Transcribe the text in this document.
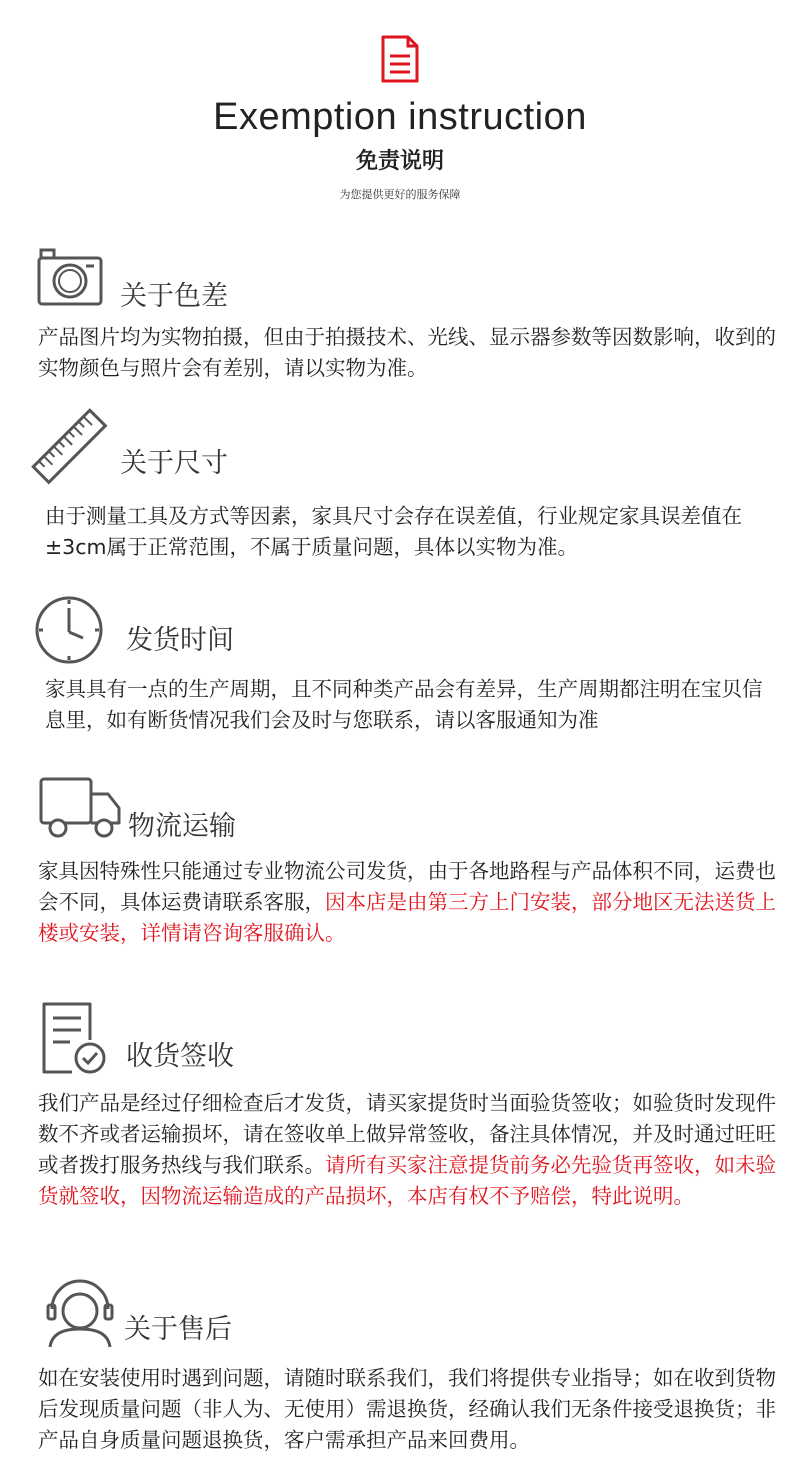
Exemption instruction
免责说明
为您提供更好的服务保障
关于色差
产品图片均为实物拍摄，但由于拍摄技术、光线、显示器参数等因数影响，收到的实物颜色与照片会有差别，请以实物为准。
关于尺寸
由于测量工具及方式等因素，家具尺寸会存在误差值，行业规定家具误差值在±3cm属于正常范围，不属于质量问题，具体以实物为准。
发货时间
家具具有一点的生产周期，且不同种类产品会有差异，生产周期都注明在宝贝信息里，如有断货情况我们会及时与您联系，请以客服通知为准
物流运输
家具因特殊性只能通过专业物流公司发货，由于各地路程与产品体积不同，运费也会不同，具体运费请联系客服，因本店是由第三方上门安装，部分地区无法送货上楼或安装，详情请咨询客服确认。
收货签收
我们产品是经过仔细检查后才发货，请买家提货时当面验货签收；如验货时发现件数不齐或者运输损坏，请在签收单上做异常签收，备注具体情况，并及时通过旺旺或者拨打服务热线与我们联系。请所有买家注意提货前务必先验货再签收，如未验货就签收，因物流运输造成的产品损坏，本店有权不予赔偿，特此说明。
关于售后
如在安装使用时遇到问题，请随时联系我们，我们将提供专业指导；如在收到货物后发现质量问题（非人为、无使用）需退换货，经确认我们无条件接受退换货；非产品自身质量问题退换货，客户需承担产品来回费用。
